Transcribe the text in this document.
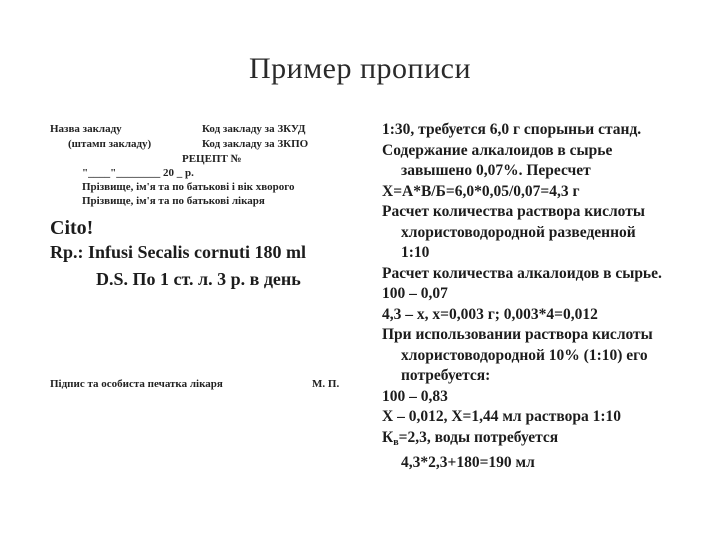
Пример прописи
Назва закладу	Код закладу за ЗКУД
(штамп закладу)	Код закладу за ЗКПО
РЕЦЕПТ №
"____"________ 20 _ р.
Прізвище, ім'я та по батькові і вік хворого
Прізвище, ім'я та по батькові лікаря
Cito!
Rp.: Infusi Secalis cornuti 180 ml
D.S. По 1 ст. л. 3 р. в день
Підпис та особиста печатка лікаря	М. П.
1:30, требуется 6,0 г спорыньи станд.
Содержание алкалоидов в сырье
завышено 0,07%. Пересчет
Х=А*В/Б=6,0*0,05/0,07=4,3 г
Расчет количества раствора кислоты
хлористоводородной разведенной
1:10
Расчет количества алкалоидов в сырье.
100 – 0,07
4,3 – х, х=0,003 г; 0,003*4=0,012
При использовании раствора кислоты
хлористоводородной 10% (1:10) его
потребуется:
100 – 0,83
Х – 0,012, Х=1,44 мл раствора 1:10
$К_в=2,3$, воды потребуется
4,3*2,3+180=190 мл
